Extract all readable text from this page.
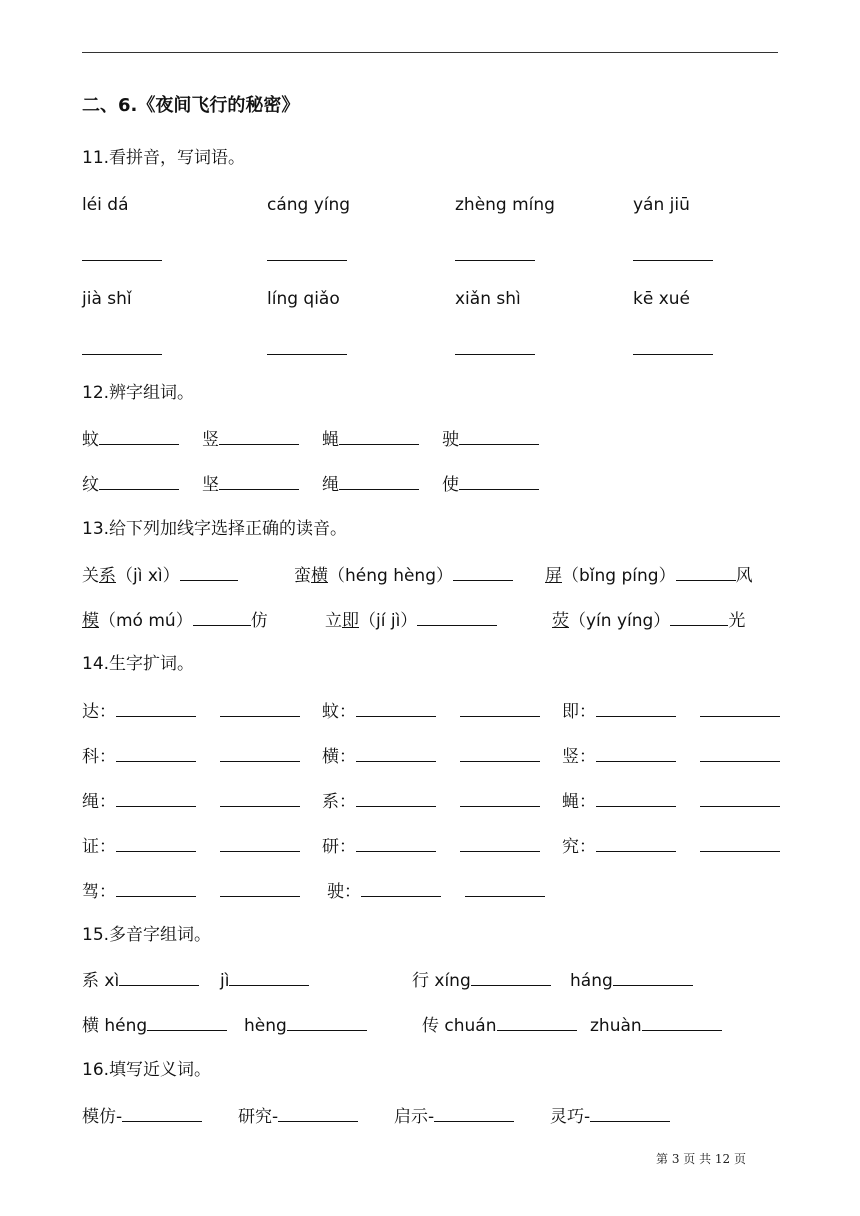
二、6.《夜间飞行的秘密》
11.看拼音，写词语。
léi dá	cáng yíng	zhèng míng	yán jiū
jià shǐ	líng qiǎo	xiǎn shì	kē xué
12.辨字组词。
蚊	竖	蝇	驶
纹	坚	绳	使
13.给下列加线字选择正确的读音。
关系（jì xì）	蛮横（héng hèng）	屏（bǐng píng）	风
模（mó mú）	仿	立即（jí jì）	荧（yín yíng）	光
14.生字扩词。
达：	蚊：	即：
科：	横：	竖：
绳：	系：	蝇：
证：	研：	究：
驾：	驶：
15.多音字组词。
系 xì	jì	行 xíng	háng
横 héng	hèng	传 chuán	zhuàn
16.填写近义词。
模仿-	研究-	启示-	灵巧-
第 3 页 共 12 页
